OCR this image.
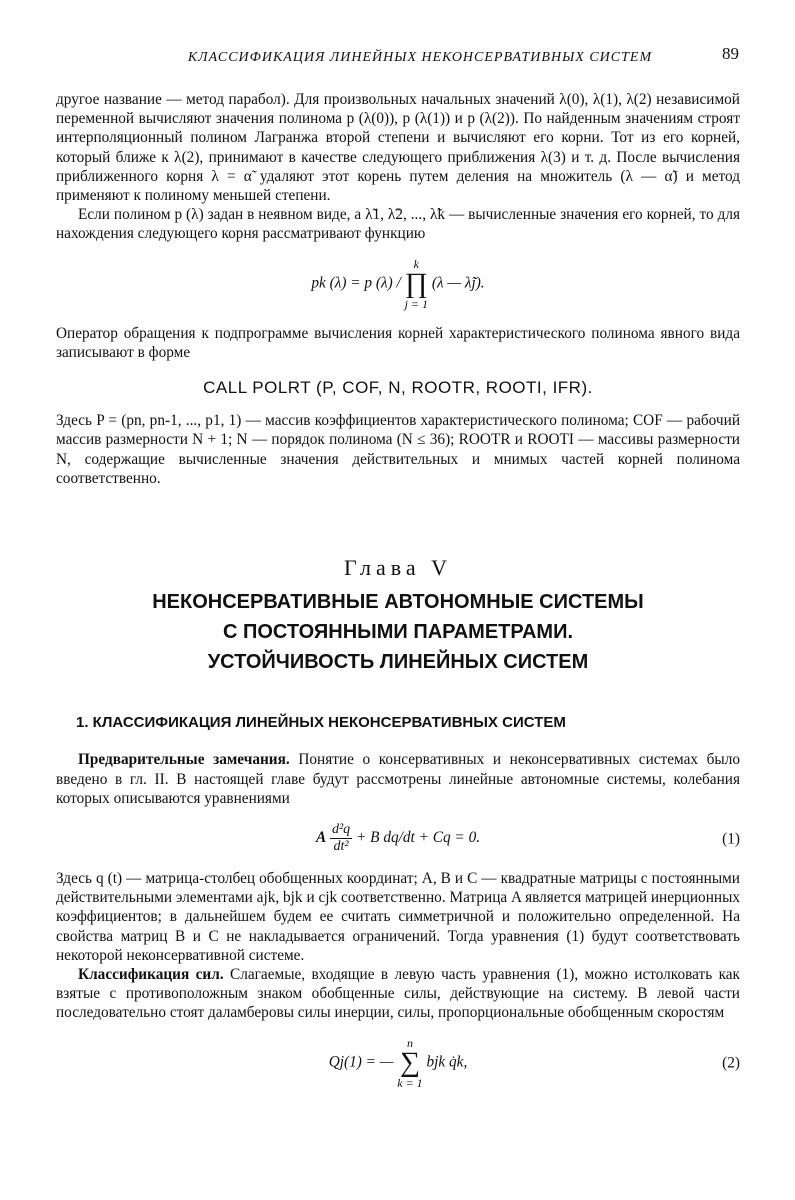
КЛАССИФИКАЦИЯ ЛИНЕЙНЫХ НЕКОНСЕРВАТИВНЫХ СИСТЕМ	89

другое название — метод парабол). Для произвольных начальных значений λ(0), λ(1), λ(2) независимой переменной вычисляют значения полинома p (λ(0)), p (λ(1)) и p (λ(2)). По найденным значениям строят интерполяционный полином Лагранжа второй степени и вычисляют его корни. Тот из его корней, который ближе к λ(2), принимают в качестве следующего приближения λ(3) и т. д. После вычисления приближенного корня λ = α̃ удаляют этот корень путем деления на множитель (λ — α̃) и метод применяют к полиному меньшей степени.

Если полином p (λ) задан в неявном виде, а λ̃1, λ̃2, ..., λ̃k — вычисленные значения его корней, то для нахождения следующего корня рассматривают функцию

pk (λ) = p (λ) /
k
∏
j = 1
(λ — λ̃j).

Оператор обращения к подпрограмме вычисления корней характеристического полинома явного вида записывают в форме

CALL POLRT (P, COF, N, ROOTR, ROOTI, IFR).

Здесь P = (pn, pn-1, ..., p1, 1) — массив коэффициентов характеристического полинома; COF — рабочий массив размерности N + 1; N — порядок полинома (N ≤ 36); ROOTR и ROOTI — массивы размерности N, содержащие вычисленные значения действительных и мнимых частей корней полинома соответственно.

Глава V
НЕКОНСЕРВАТИВНЫЕ АВТОНОМНЫЕ СИСТЕМЫ
С ПОСТОЯННЫМИ ПАРАМЕТРАМИ.
УСТОЙЧИВОСТЬ ЛИНЕЙНЫХ СИСТЕМ
1. КЛАССИФИКАЦИЯ ЛИНЕЙНЫХ НЕКОНСЕРВАТИВНЫХ СИСТЕМ

Предварительные замечания. Понятие о консервативных и неконсервативных системах было введено в гл. II. В настоящей главе будут рассмотрены линейные автономные системы, колебания которых описываются уравнениями

A $\frac{\text{d²q}}{\text{dt²}} + B$ dq/dt + Cq = 0.	(1)

Здесь q (t) — матрица-столбец обобщенных координат; A, B и C — квадратные матрицы с постоянными действительными элементами ajk, bjk и cjk соответственно. Матрица A является матрицей инерционных коэффициентов; в дальнейшем будем ее считать симметричной и положительно определенной. На свойства матриц B и C не накладывается ограничений. Тогда уравнения (1) будут соответствовать некоторой неконсервативной системе.

Классификация сил. Слагаемые, входящие в левую часть уравнения (1), можно истолковать как взятые с противоположным знаком обобщенные силы, действующие на систему. В левой части последовательно стоят даламберовы силы инерции, силы, пропорциональные обобщенным скоростям

Qj(1) = —
n
∑
k = 1
bjk q̇k,	(2)
